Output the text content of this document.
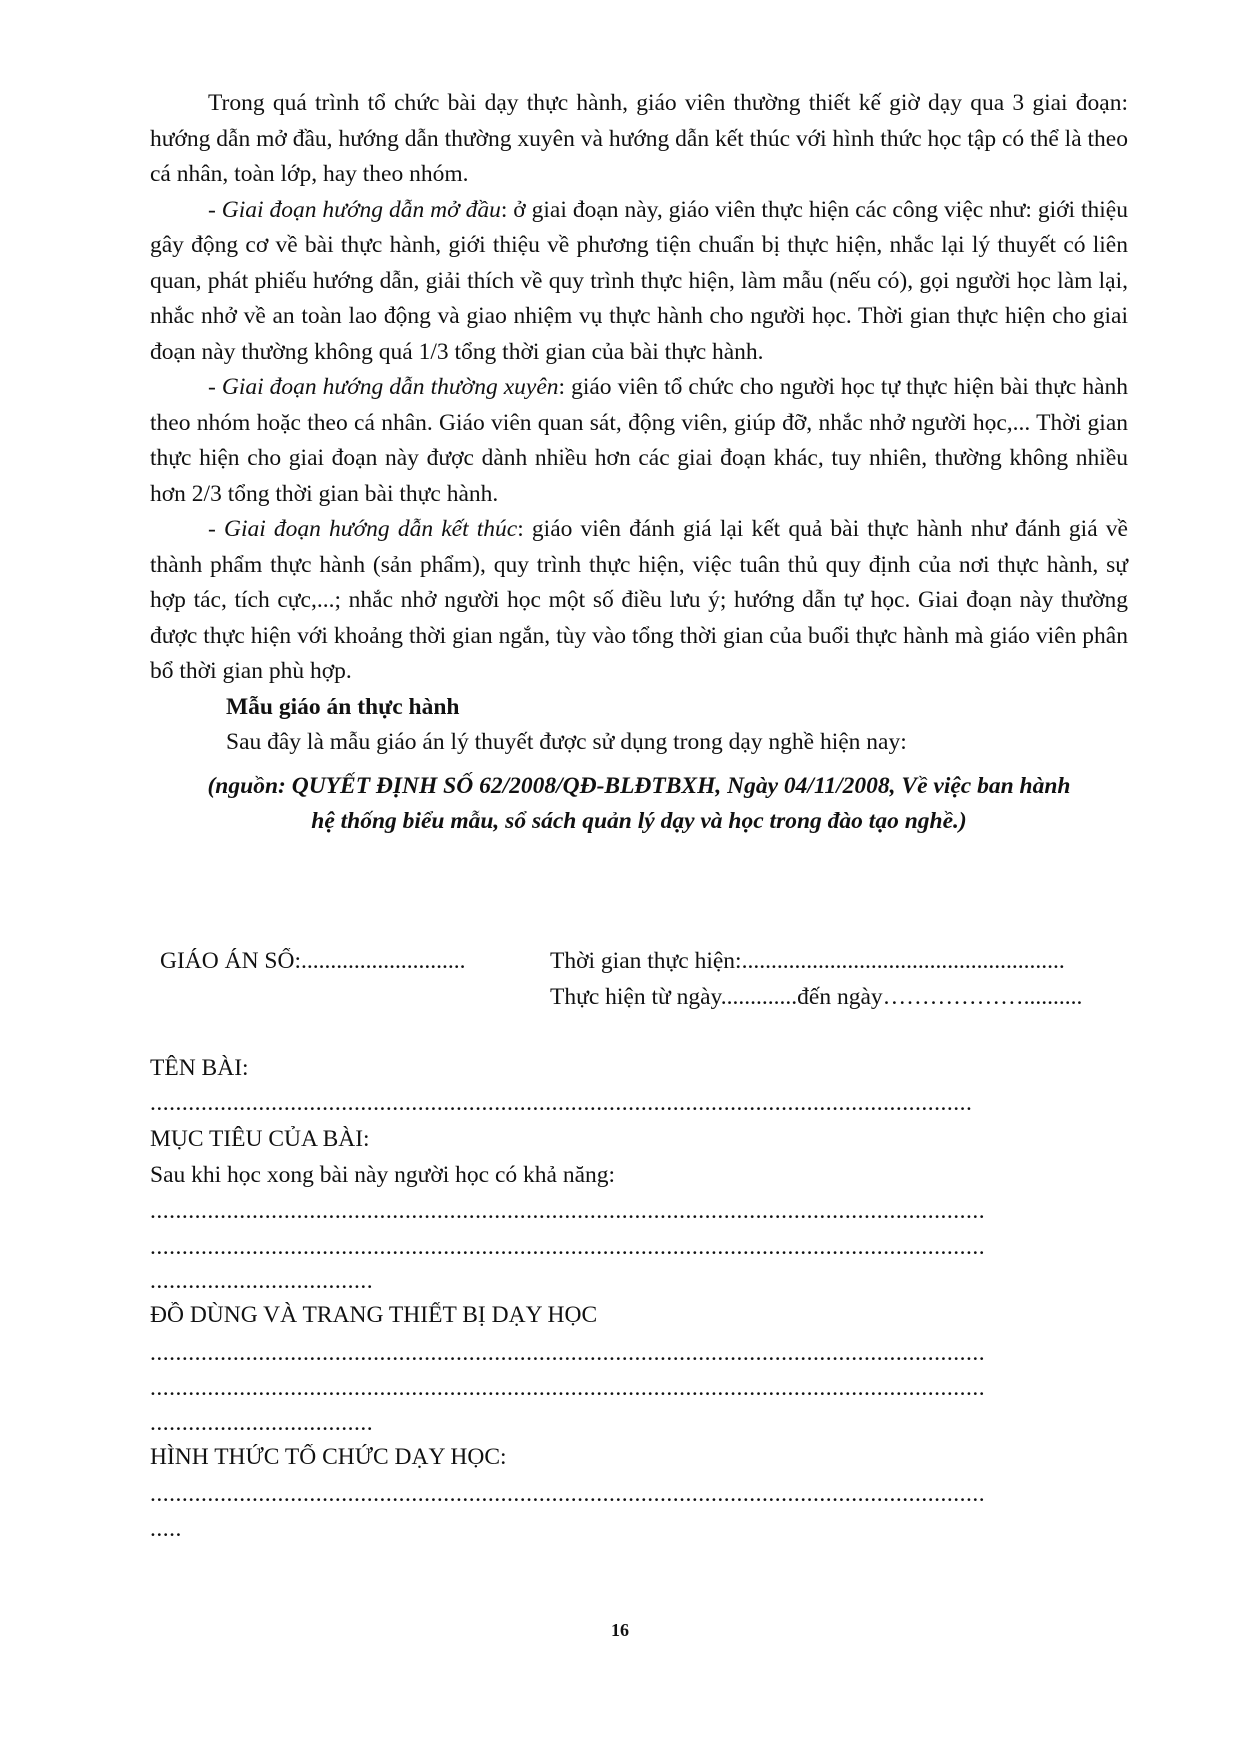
Trong quá trình tổ chức bài dạy thực hành, giáo viên thường thiết kế giờ dạy qua 3 giai đoạn: hướng dẫn mở đầu, hướng dẫn thường xuyên và hướng dẫn kết thúc với hình thức học tập có thể là theo cá nhân, toàn lớp, hay theo nhóm.

- Giai đoạn hướng dẫn mở đầu: ở giai đoạn này, giáo viên thực hiện các công việc như: giới thiệu gây động cơ về bài thực hành, giới thiệu về phương tiện chuẩn bị thực hiện, nhắc lại lý thuyết có liên quan, phát phiếu hướng dẫn, giải thích về quy trình thực hiện, làm mẫu (nếu có), gọi người học làm lại, nhắc nhở về an toàn lao động và giao nhiệm vụ thực hành cho người học. Thời gian thực hiện cho giai đoạn này thường không quá 1/3 tổng thời gian của bài thực hành.

- Giai đoạn hướng dẫn thường xuyên: giáo viên tổ chức cho người học tự thực hiện bài thực hành theo nhóm hoặc theo cá nhân. Giáo viên quan sát, động viên, giúp đỡ, nhắc nhở người học,... Thời gian thực hiện cho giai đoạn này được dành nhiều hơn các giai đoạn khác, tuy nhiên, thường không nhiều hơn 2/3 tổng thời gian bài thực hành.

- Giai đoạn hướng dẫn kết thúc: giáo viên đánh giá lại kết quả bài thực hành như đánh giá về thành phẩm thực hành (sản phẩm), quy trình thực hiện, việc tuân thủ quy định của nơi thực hành, sự hợp tác, tích cực,...; nhắc nhở người học một số điều lưu ý; hướng dẫn tự học. Giai đoạn này thường được thực hiện với khoảng thời gian ngắn, tùy vào tổng thời gian của buổi thực hành mà giáo viên phân bổ thời gian phù hợp.

Mẫu giáo án thực hành

Sau đây là mẫu giáo án lý thuyết được sử dụng trong dạy nghề hiện nay:

(nguồn: QUYẾT ĐỊNH SỐ 62/2008/QĐ-BLĐTBXH, Ngày 04/11/2008, Về việc ban hành

hệ thống biểu mẫu, sổ sách quản lý dạy và học trong đào tạo nghề.)

GIÁO ÁN SỐ:............................	Thời gian thực hiện:.......................................................
Thực hiện từ ngày.............đến ngày………………..........
TÊN BÀI:
.................................................................................................................................
MỤC TIÊU CỦA BÀI:
Sau khi học xong bài này người học có khả năng:
...................................................................................................................................
...................................................................................................................................
...................................
ĐỒ DÙNG VÀ TRANG THIẾT BỊ DẠY HỌC
...................................................................................................................................
...................................................................................................................................
...................................
HÌNH THỨC TỔ CHỨC DẠY HỌC:
...................................................................................................................................
.....
16
